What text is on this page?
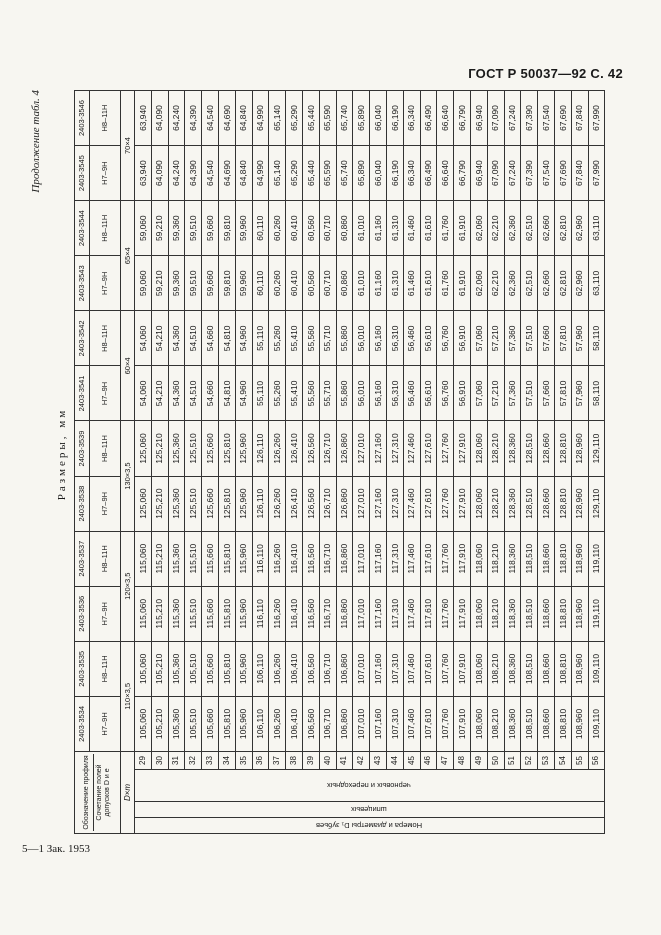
ГОСТ Р 50037—92 С. 42
Продолжение табл. 4
Размеры, мм
Обозначение профиля Сочетание полей допусков D и e				2403-3534	2403-3535	2403-3536	2403-3537	2403-3538	2403-3539	2403-3541	2403-3542	2403-3543	2403-3544	2403-3545	2403-3546
				H7–9H	H8–11H	H7–9H	H8–11H	H7–9H	H8–11H	H7–9H	H8–11H	H7–9H	H8–11H	H7–9H	H8–11H
D×m				110×3,5		120×3,5		130×3,5		60×4		65×4		70×4	
Номера и диаметры D₁ зубьев	шпицевых	черновых и переходных	29	105,060	105,060	115,060	115,060	125,060	125,060	54,060	54,060	59,060	59,060	63,940	63,940
			30	105,210	105,210	115,210	115,210	125,210	125,210	54,210	54,210	59,210	59,210	64,090	64,090
			31	105,360	105,360	115,360	115,360	125,360	125,360	54,360	54,360	59,360	59,360	64,240	64,240
			32	105,510	105,510	115,510	115,510	125,510	125,510	54,510	54,510	59,510	59,510	64,390	64,390
			33	105,660	105,660	115,660	115,660	125,660	125,660	54,660	54,660	59,660	59,660	64,540	64,540
			34	105,810	105,810	115,810	115,810	125,810	125,810	54,810	54,810	59,810	59,810	64,690	64,690
			35	105,960	105,960	115,960	115,960	125,960	125,960	54,960	54,960	59,960	59,960	64,840	64,840
			36	106,110	106,110	116,110	116,110	126,110	126,110	55,110	55,110	60,110	60,110	64,990	64,990
			37	106,260	106,260	116,260	116,260	126,260	126,260	55,260	55,260	60,260	60,260	65,140	65,140
			38	106,410	106,410	116,410	116,410	126,410	126,410	55,410	55,410	60,410	60,410	65,290	65,290
			39	106,560	106,560	116,560	116,560	126,560	126,560	55,560	55,560	60,560	60,560	65,440	65,440
			40	106,710	106,710	116,710	116,710	126,710	126,710	55,710	55,710	60,710	60,710	65,590	65,590
			41	106,860	106,860	116,860	116,860	126,860	126,860	55,860	55,860	60,860	60,860	65,740	65,740
			42	107,010	107,010	117,010	117,010	127,010	127,010	56,010	56,010	61,010	61,010	65,890	65,890
			43	107,160	107,160	117,160	117,160	127,160	127,160	56,160	56,160	61,160	61,160	66,040	66,040
			44	107,310	107,310	117,310	117,310	127,310	127,310	56,310	56,310	61,310	61,310	66,190	66,190
			45	107,460	107,460	117,460	117,460	127,460	127,460	56,460	56,460	61,460	61,460	66,340	66,340
			46	107,610	107,610	117,610	117,610	127,610	127,610	56,610	56,610	61,610	61,610	66,490	66,490
			47	107,760	107,760	117,760	117,760	127,760	127,760	56,760	56,760	61,760	61,760	66,640	66,640
			48	107,910	107,910	117,910	117,910	127,910	127,910	56,910	56,910	61,910	61,910	66,790	66,790
			49	108,060	108,060	118,060	118,060	128,060	128,060	57,060	57,060	62,060	62,060	66,940	66,940
			50	108,210	108,210	118,210	118,210	128,210	128,210	57,210	57,210	62,210	62,210	67,090	67,090
			51	108,360	108,360	118,360	118,360	128,360	128,360	57,360	57,360	62,360	62,360	67,240	67,240
			52	108,510	108,510	118,510	118,510	128,510	128,510	57,510	57,510	62,510	62,510	67,390	67,390
			53	108,660	108,660	118,660	118,660	128,660	128,660	57,660	57,660	62,660	62,660	67,540	67,540
			54	108,810	108,810	118,810	118,810	128,810	128,810	57,810	57,810	62,810	62,810	67,690	67,690
			55	108,960	108,960	118,960	118,960	128,960	128,960	57,960	57,960	62,960	62,960	67,840	67,840
			56	109,110	109,110	119,110	119,110	129,110	129,110	58,110	58,110	63,110	63,110	67,990	67,990
5—1 Зак. 1953
